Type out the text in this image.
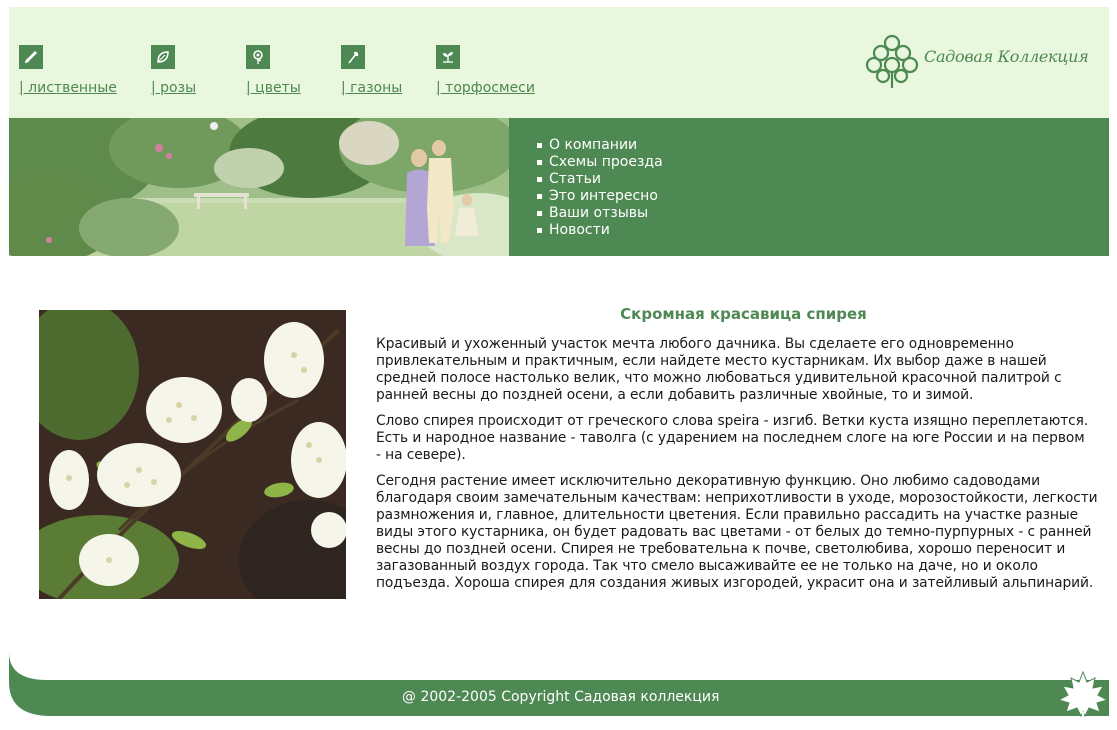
| лиственные | розы	| цветы	| газоны | торфосмеси
Садовая Коллекция
О компании
Схемы проезда
Статьи
Это интересно
Ваши отзывы
Новости
Скромная красавица спирея

Красивый и ухоженный участок мечта любого дачника. Вы сделаете его одновременно
привлекательным и практичным, если найдете место кустарникам. Их выбор даже в нашей
средней полосе настолько велик, что можно любоваться удивительной красочной палитрой с
ранней весны до поздней осени, а если добавить различные хвойные, то и зимой.

Слово спирея происходит от греческого слова speira - изгиб. Ветки куста изящно переплетаются.
Есть и народное название - таволга (с ударением на последнем слоге на юге России и на первом
- на севере).

Сегодня растение имеет исключительно декоративную функцию. Оно любимо садоводами
благодаря своим замечательным качествам: неприхотливости в уходе, морозостойкости, легкости
размножения и, главное, длительности цветения. Если правильно рассадить на участке разные
виды этого кустарника, он будет радовать вас цветами - от белых до темно-пурпурных - с ранней
весны до поздней осени. Спирея не требовательна к почве, светолюбива, хорошо переносит и
загазованный воздух города. Так что смело высаживайте ее не только на даче, но и около
подъезда. Хороша спирея для создания живых изгородей, украсит она и затейливый альпинарий.

@ 2002-2005 Copyright Садовая коллекция
